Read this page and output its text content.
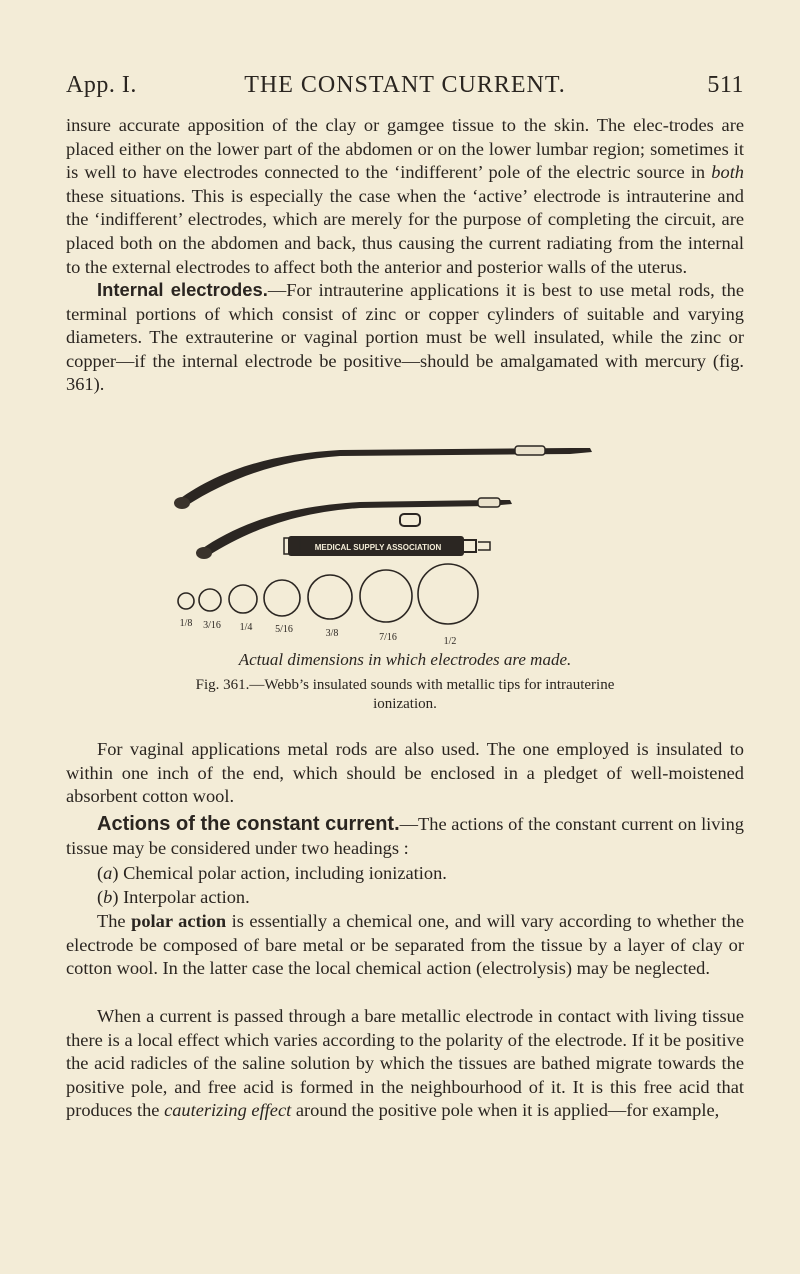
App. I.	THE CONSTANT CURRENT.	511

insure accurate apposition of the clay or gamgee tissue to the skin. The elec-trodes are placed either on the lower part of the abdomen or on the lower lumbar region; sometimes it is well to have electrodes connected to the ‘indifferent’ pole of the electric source in both these situations. This is especially the case when the ‘active’ electrode is intrauterine and the ‘indifferent’ electrodes, which are merely for the purpose of completing the circuit, are placed both on the abdomen and back, thus causing the current radiating from the internal to the external electrodes to affect both the anterior and posterior walls of the uterus.

Internal electrodes.—For intrauterine applications it is best to use metal rods, the terminal portions of which consist of zinc or copper cylinders of suitable and varying diameters. The extrauterine or vaginal portion must be well insulated, while the zinc or copper—if the internal electrode be positive—should be amalgamated with mercury (fig. 361).

MEDICAL SUPPLY ASSOCIATION
1/8 3/16 1/4 5/16	3/8	7/16	1/2
Actual dimensions in which electrodes are made.
Fig. 361.—Webb’s insulated sounds with metallic tips for intrauterine
ionization.

For vaginal applications metal rods are also used. The one employed is insulated to within one inch of the end, which should be enclosed in a pledget of well-moistened absorbent cotton wool.

Actions of the constant current.—The actions of the constant current on living tissue may be considered under two headings :

(a) Chemical polar action, including ionization.
(b) Interpolar action.

The polar action is essentially a chemical one, and will vary according to whether the electrode be composed of bare metal or be separated from the tissue by a layer of clay or cotton wool. In the latter case the local chemical action (electrolysis) may be neglected.

When a current is passed through a bare metallic electrode in contact with living tissue there is a local effect which varies according to the polarity of the electrode. If it be positive the acid radicles of the saline solution by which the tissues are bathed migrate towards the positive pole, and free acid is formed in the neighbourhood of it. It is this free acid that produces the cauterizing effect around the positive pole when it is applied—for example,
